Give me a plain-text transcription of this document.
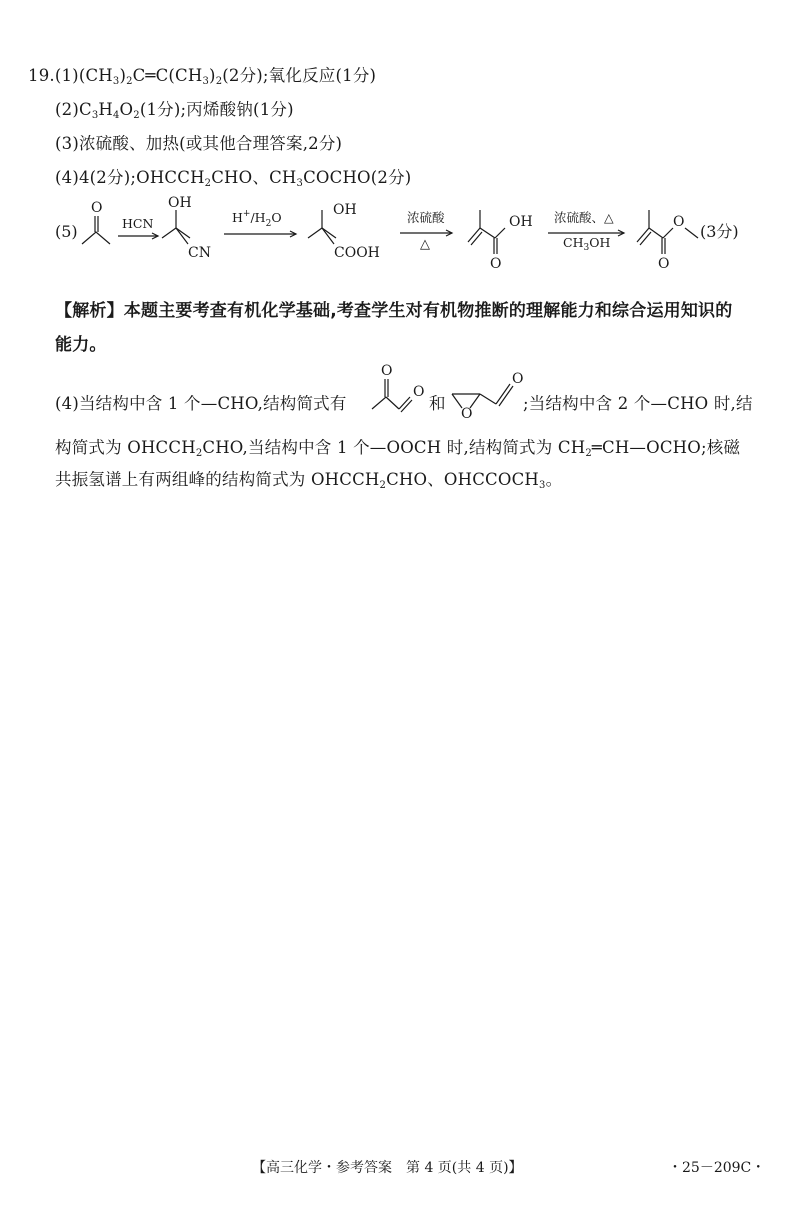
$19.(1)(CH_3)_2C═C(CH_3)_2(2$分);氧化反应(1分)
$(2)C_3H_4O_2(1$分);丙烯酸钠(1分)
(3)浓硫酸、加热(或其他合理答案,2分)
(4)4(2分)$;OHCCH_2CHO$、$CH_3COCHO(2$分)
(5)
O
HCN
OH
CN
$H^+/H_2O$	OH
COOH
浓硫酸
△
OH
O
浓硫酸、△
$CH_3OH$
O
O
(3分)
【解析】本题主要考查有机化学基础,考查学生对有机物推断的理解能力和综合运用知识的
能力。
(4)当结构中含 1 个—CHO,结构简式有	和	;当结构中含 2 个—CHO 时,结
O
O
O
O
构简式为 $OHCCH_2CHO$,当结构中含 1 个—OOCH 时,结构简式为 $CH_2═CH—OCHO$;核磁
共振氢谱上有两组峰的结构简式为 $OHCCH_2CHO$、$OHCCOCH_3$。
【高三化学・参考答案　第 4 页(共 4 页)】	・25－209C・
